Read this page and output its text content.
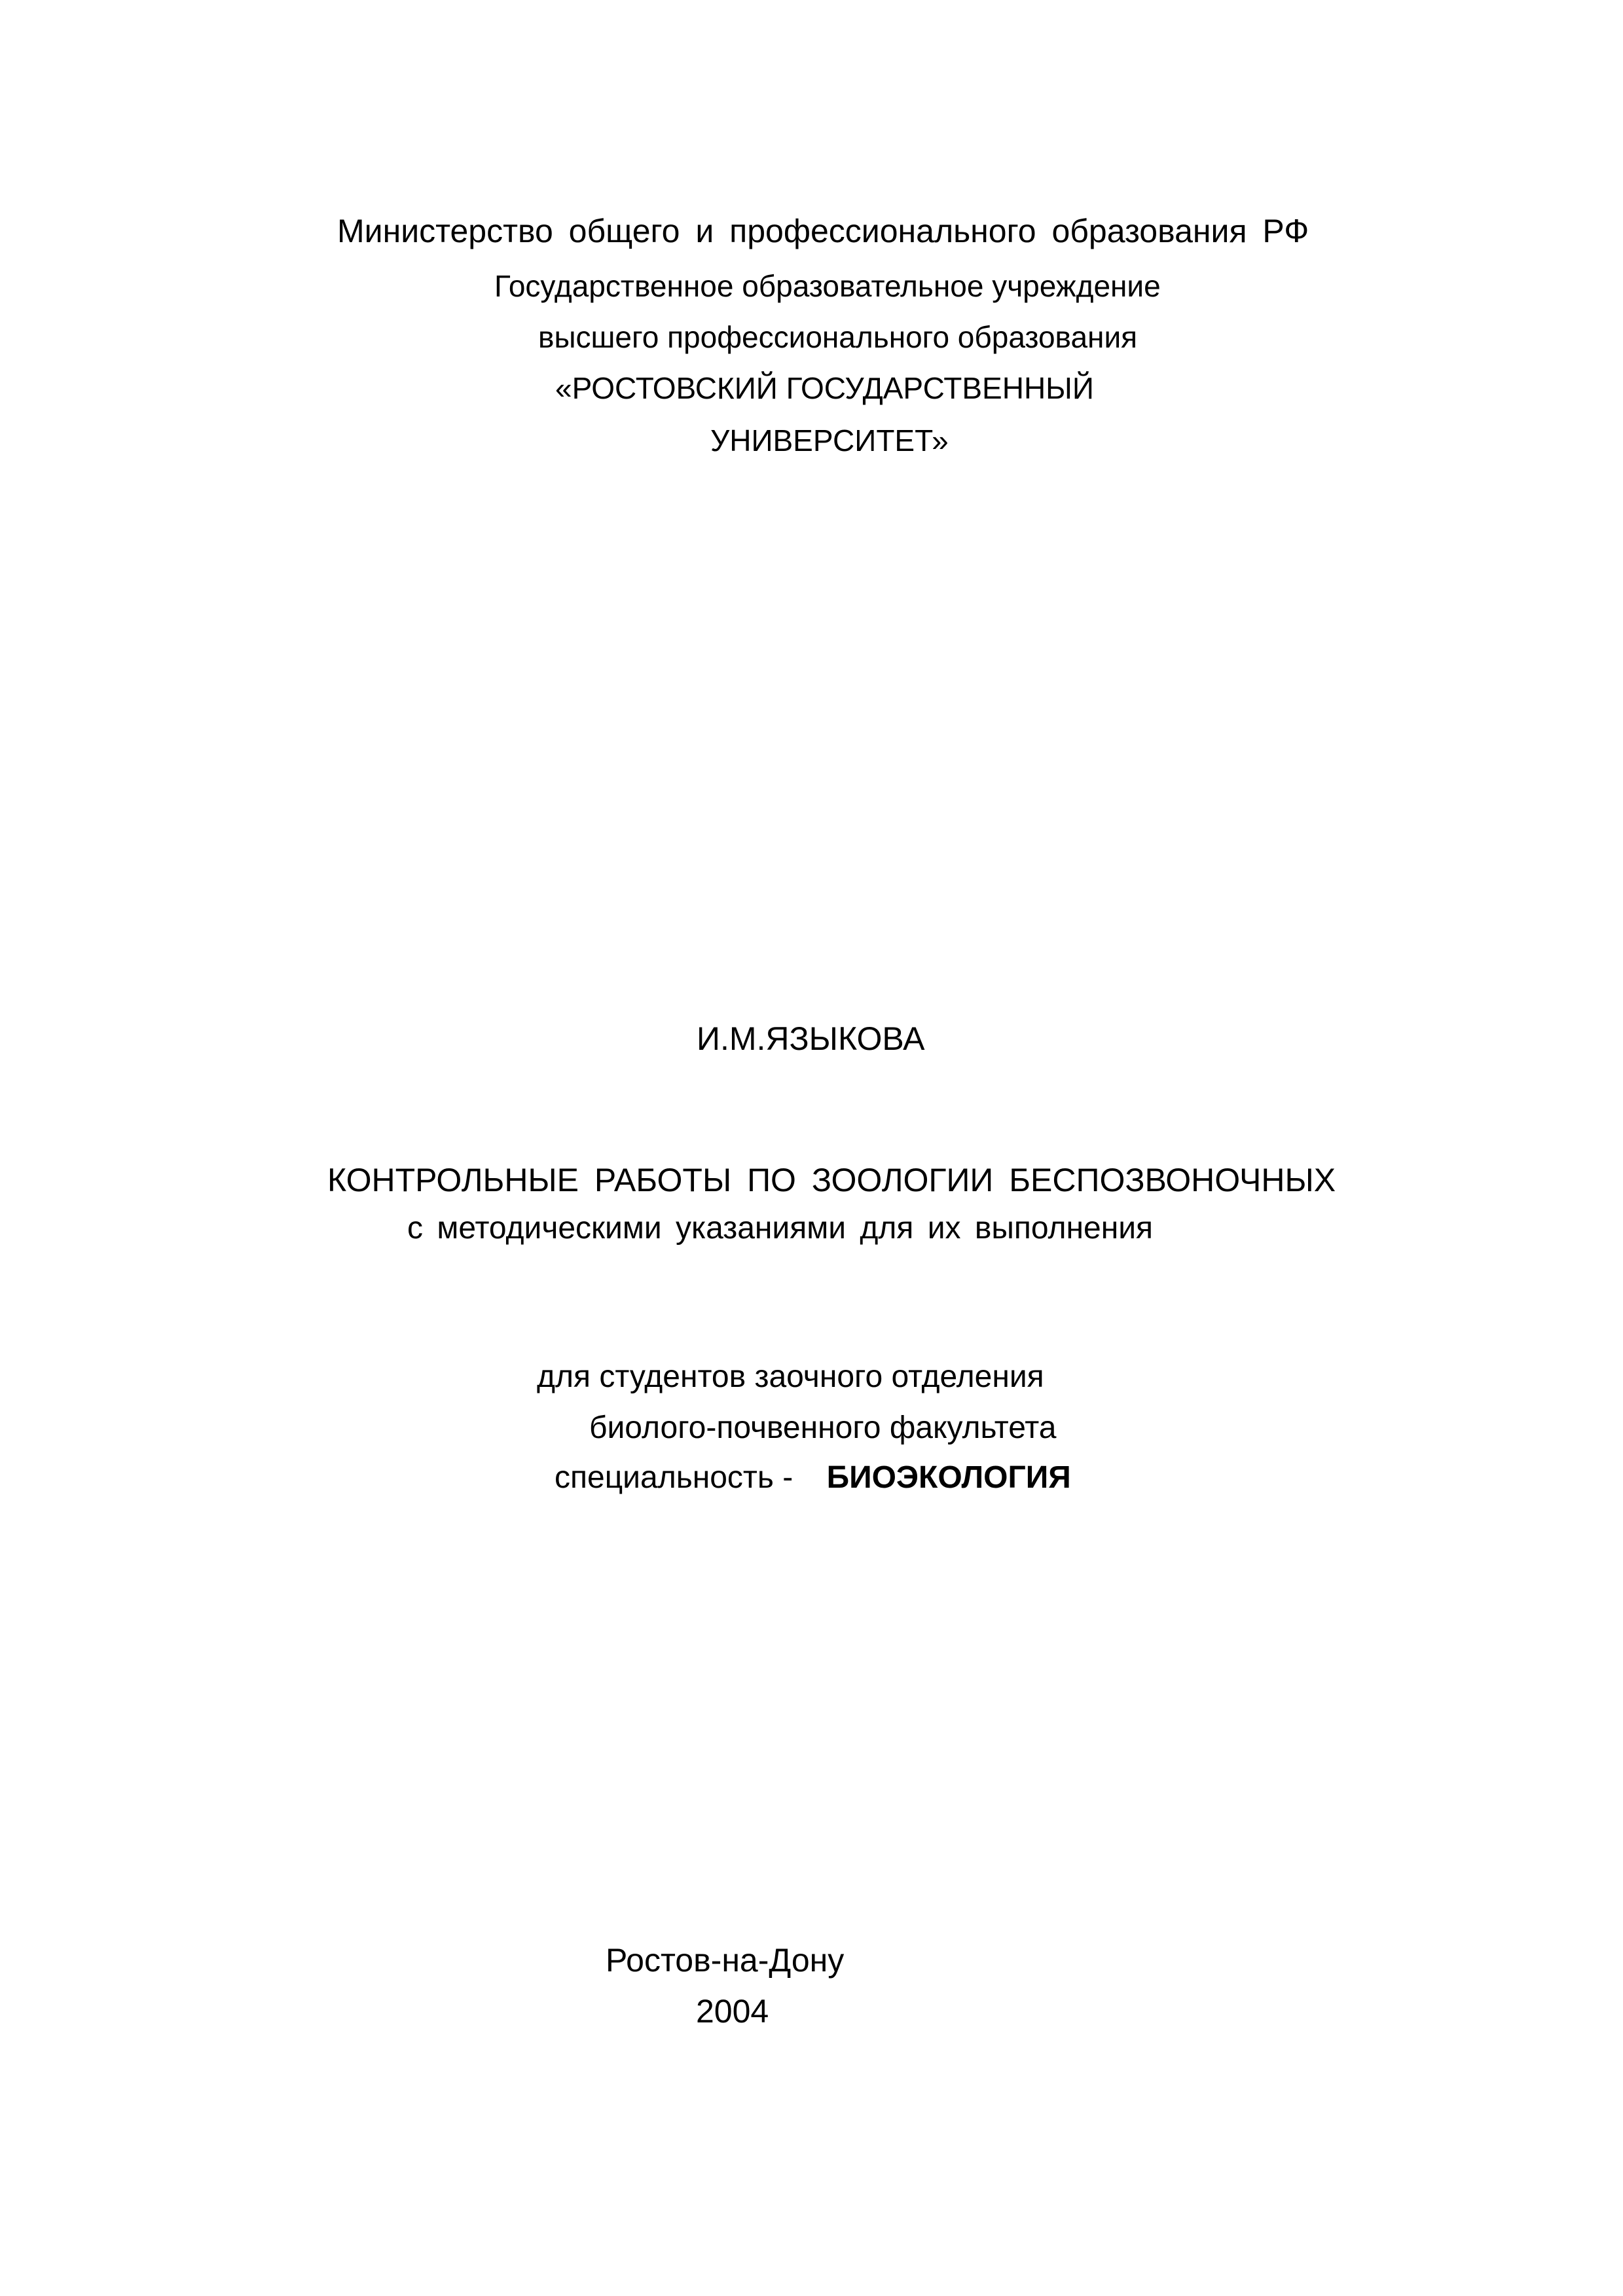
Министерство общего и профессионального образования РФ
Государственное образовательное учреждение
высшего профессионального образования
«РОСТОВСКИЙ ГОСУДАРСТВЕННЫЙ
УНИВЕРСИТЕТ»
И.М.ЯЗЫКОВА
КОНТРОЛЬНЫЕ РАБОТЫ ПО ЗООЛОГИИ БЕСПОЗВОНОЧНЫХ
с методическими указаниями для их выполнения
для студентов заочного отделения
биолого-почвенного факультета
специальность - БИОЭКОЛОГИЯ
Ростов-на-Дону
2004
